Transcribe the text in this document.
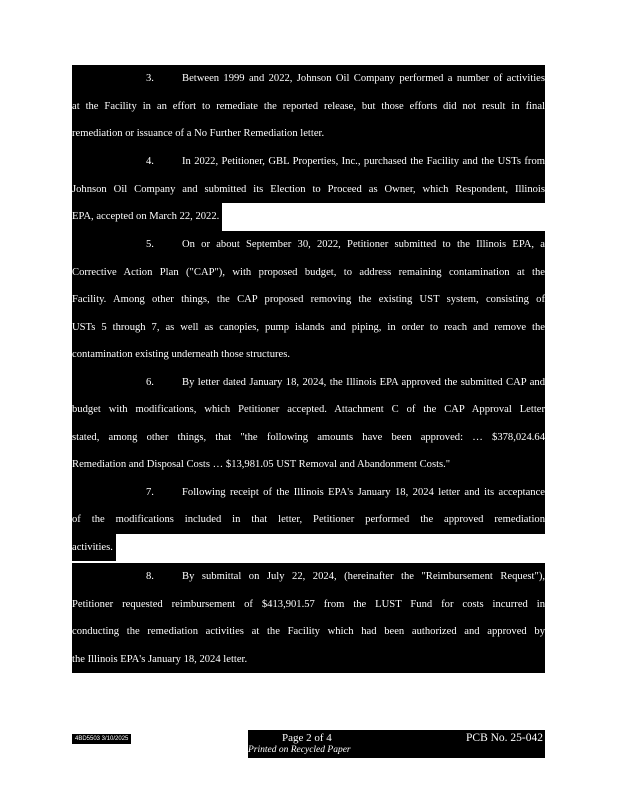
3.	Between 1999 and 2022, Johnson Oil Company performed a number of activities
at the Facility in an effort to remediate the reported release, but those efforts did not result in final
remediation or issuance of a No Further Remediation letter.
4.	In 2022, Petitioner, GBL Properties, Inc., purchased the Facility and the USTs from
Johnson Oil Company and submitted its Election to Proceed as Owner, which Respondent, Illinois
EPA, accepted on March 22, 2022.
5.	On or about September 30, 2022, Petitioner submitted to the Illinois EPA, a
Corrective Action Plan ("CAP"), with proposed budget, to address remaining contamination at the
Facility. Among other things, the CAP proposed removing the existing UST system, consisting of
USTs 5 through 7, as well as canopies, pump islands and piping, in order to reach and remove the
contamination existing underneath those structures.
6.	By letter dated January 18, 2024, the Illinois EPA approved the submitted CAP and
budget with modifications, which Petitioner accepted. Attachment C of the CAP Approval Letter
stated, among other things, that "the following amounts have been approved: … $378,024.64
Remediation and Disposal Costs … $13,981.05 UST Removal and Abandonment Costs."
7.	Following receipt of the Illinois EPA's January 18, 2024 letter and its acceptance
of the modifications included in that letter, Petitioner performed the approved remediation
activities.
8.	By submittal on July 22, 2024, (hereinafter the "Reimbursement Request"),
Petitioner requested reimbursement of $413,901.57 from the LUST Fund for costs incurred in
conducting the remediation activities at the Facility which had been authorized and approved by
the Illinois EPA's January 18, 2024 letter.
4BD5503 3/10/2025	Page 2 of 4
Printed on Recycled Paper
PCB No. 25-042
